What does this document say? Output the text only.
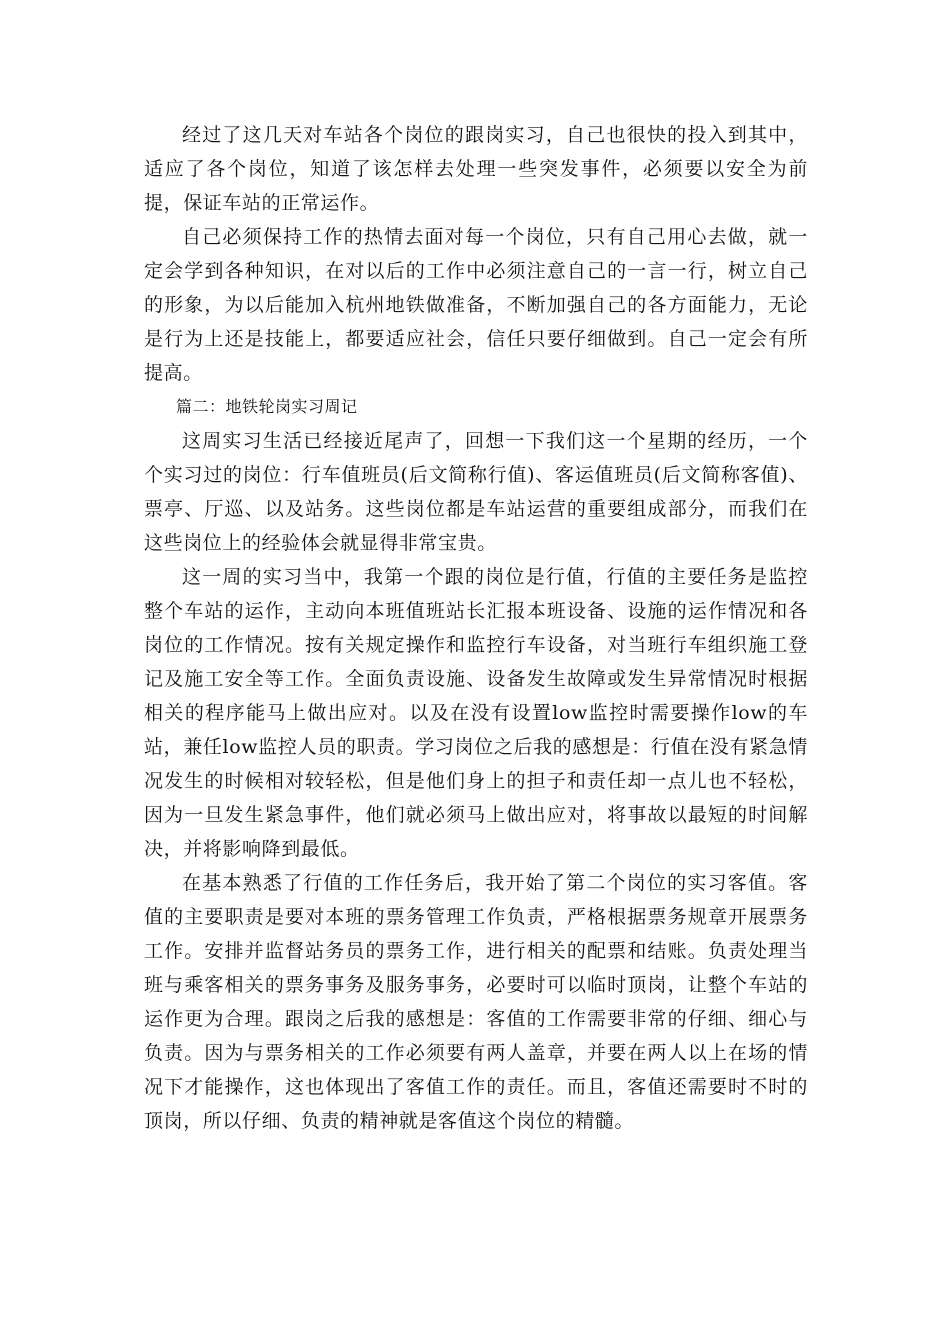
经过了这几天对车站各个岗位的跟岗实习，自己也很快的投入到其中，适应了各个岗位，知道了该怎样去处理一些突发事件，必须要以安全为前提，保证车站的正常运作。

自己必须保持工作的热情去面对每一个岗位，只有自己用心去做，就一定会学到各种知识，在对以后的工作中必须注意自己的一言一行，树立自己的形象，为以后能加入杭州地铁做准备，不断加强自己的各方面能力，无论是行为上还是技能上，都要适应社会，信任只要仔细做到。自己一定会有所提高。

篇二：地铁轮岗实习周记

这周实习生活已经接近尾声了，回想一下我们这一个星期的经历，一个个实习过的岗位：行车值班员(后文简称行值)、客运值班员(后文简称客值)、票亭、厅巡、以及站务。这些岗位都是车站运营的重要组成部分，而我们在这些岗位上的经验体会就显得非常宝贵。

这一周的实习当中，我第一个跟的岗位是行值，行值的主要任务是监控整个车站的运作，主动向本班值班站长汇报本班设备、设施的运作情况和各岗位的工作情况。按有关规定操作和监控行车设备，对当班行车组织施工登记及施工安全等工作。全面负责设施、设备发生故障或发生异常情况时根据相关的程序能马上做出应对。以及在没有设置low监控时需要操作low的车站，兼任low监控人员的职责。学习岗位之后我的感想是：行值在没有紧急情况发生的时候相对较轻松，但是他们身上的担子和责任却一点儿也不轻松，因为一旦发生紧急事件，他们就必须马上做出应对，将事故以最短的时间解决，并将影响降到最低。

在基本熟悉了行值的工作任务后，我开始了第二个岗位的实习客值。客值的主要职责是要对本班的票务管理工作负责，严格根据票务规章开展票务工作。安排并监督站务员的票务工作，进行相关的配票和结账。负责处理当班与乘客相关的票务事务及服务事务，必要时可以临时顶岗，让整个车站的运作更为合理。跟岗之后我的感想是：客值的工作需要非常的仔细、细心与负责。因为与票务相关的工作必须要有两人盖章，并要在两人以上在场的情况下才能操作，这也体现出了客值工作的责任。而且，客值还需要时不时的顶岗，所以仔细、负责的精神就是客值这个岗位的精髓。
